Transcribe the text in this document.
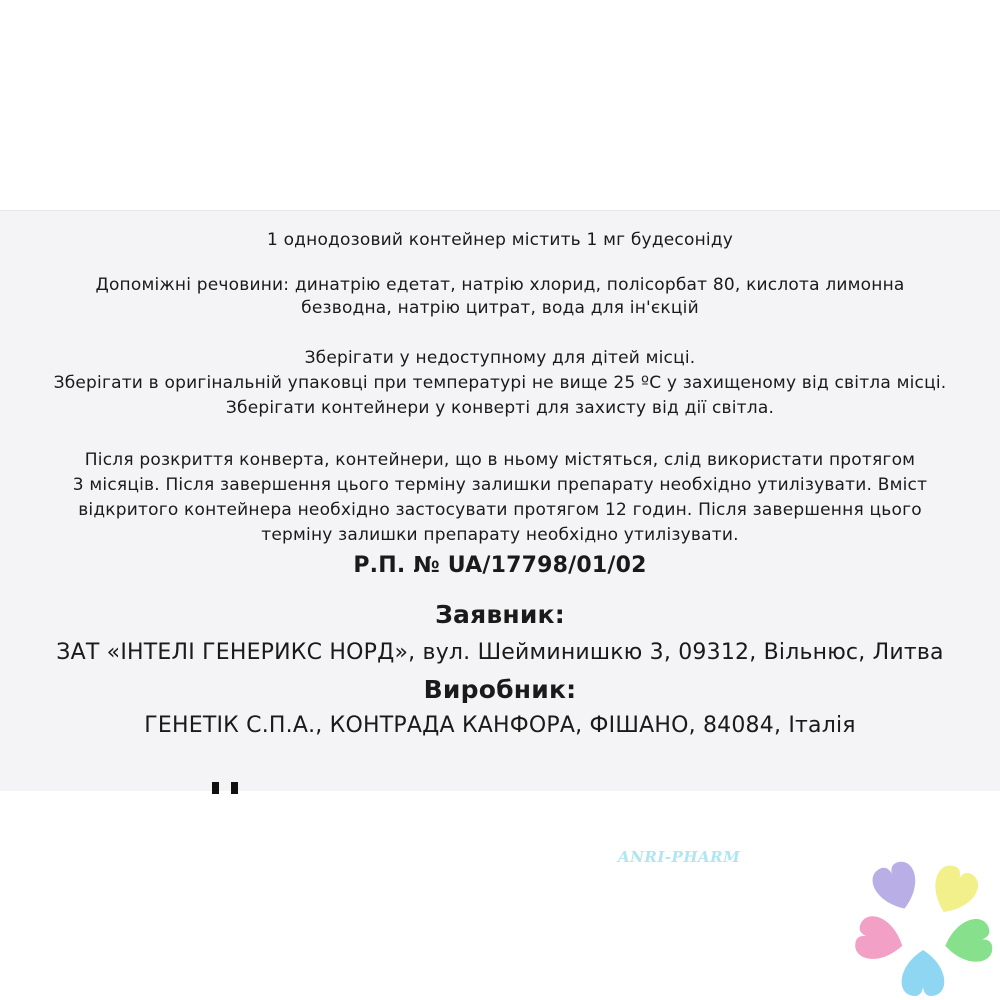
1 однодозовий контейнер містить 1 мг будесоніду
Допоміжні речовини: динатрію едетат, натрію хлорид, полісорбат 80, кислота лимонна
безводна, натрію цитрат, вода для ін'єкцій
Зберігати у недоступному для дітей місці.
Зберігати в оригінальній упаковці при температурі не вище 25 ºС у захищеному від світла місці.
Зберігати контейнери у конверті для захисту від дії світла.
Після розкриття конверта, контейнери, що в ньому містяться, слід використати протягом
3 місяців. Після завершення цього терміну залишки препарату необхідно утилізувати. Вміст
відкритого контейнера необхідно застосувати протягом 12 годин. Після завершення цього
терміну залишки препарату необхідно утилізувати.
Р.П. № UA/17798/01/02
Заявник:
ЗАТ «ІНТЕЛІ ГЕНЕРИКС НОРД», вул. Шейминишкю 3, 09312, Вільнюс, Литва
Виробник:
ГЕНЕТІК С.П.А., КОНТРАДА КАНФОРА, ФІШАНО, 84084, Італія
ANRI-PHARM
